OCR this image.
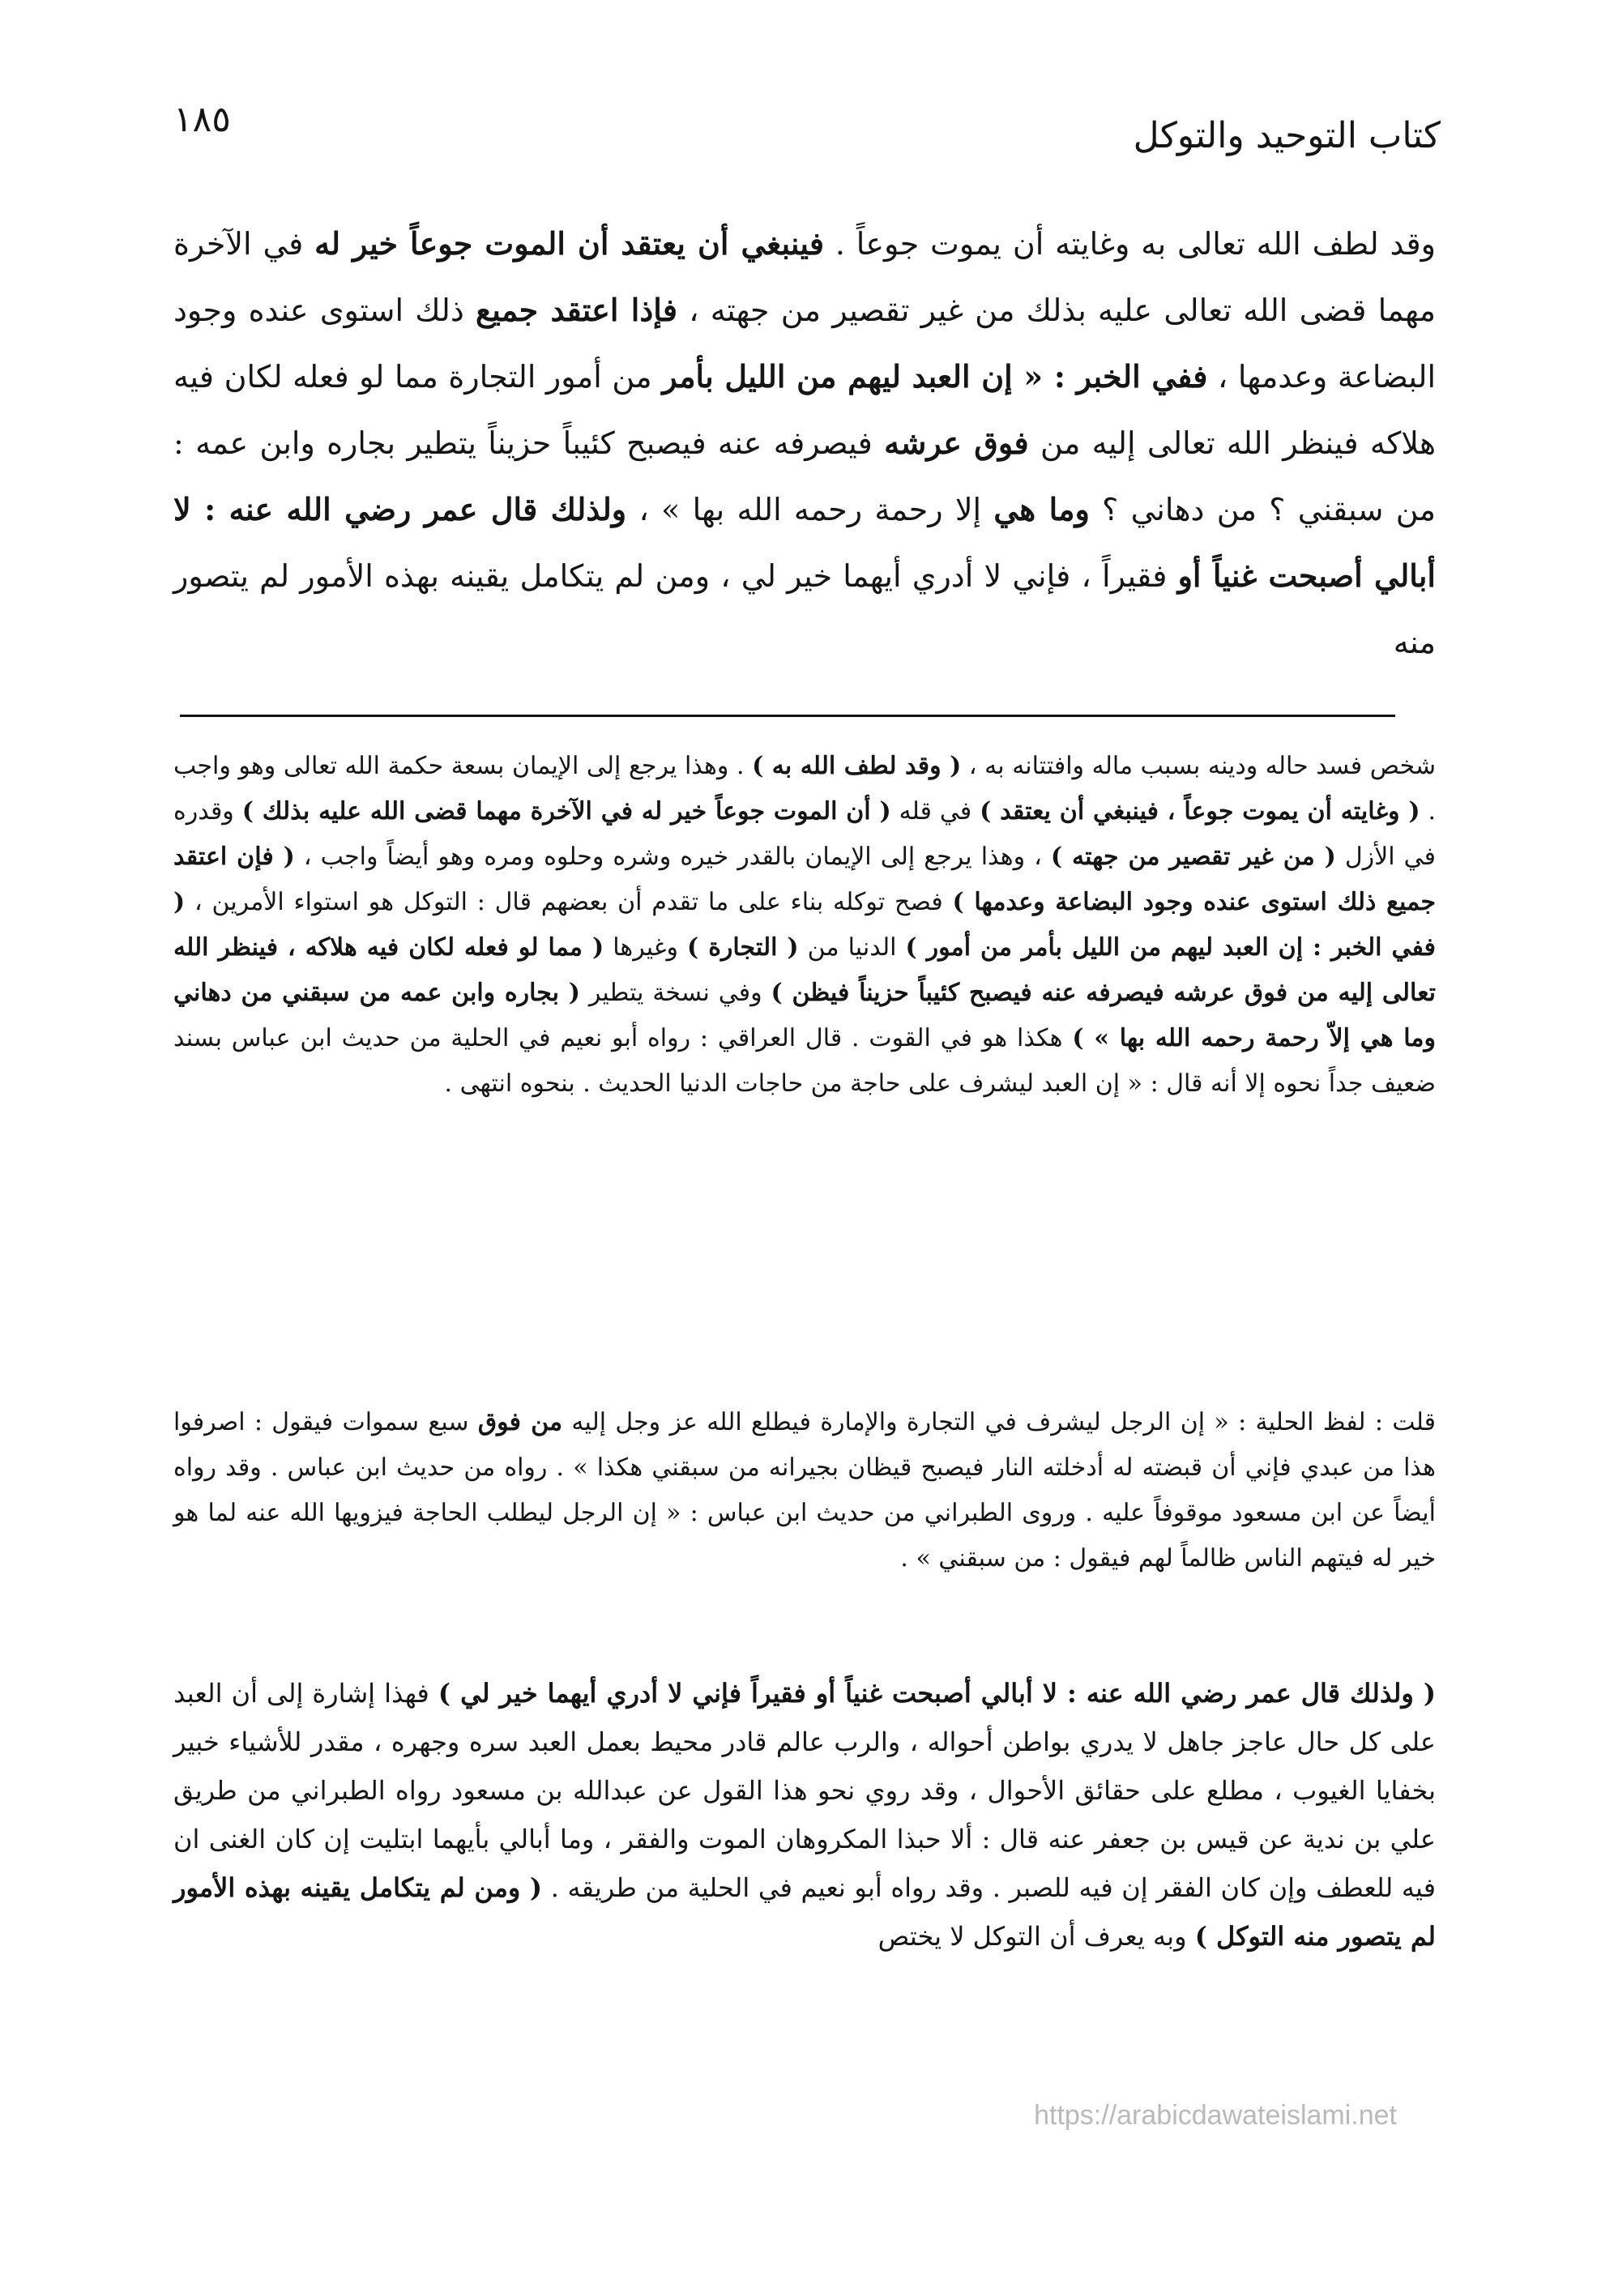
١٨٥	كتاب التوحيد والتوكل

وقد لطف الله تعالى به وغايته أن يموت جوعاً . فينبغي أن يعتقد أن الموت جوعاً خير له في الآخرة مهما قضى الله تعالى عليه بذلك من غير تقصير من جهته ، فإذا اعتقد جميع ذلك استوى عنده وجود البضاعة وعدمها ، ففي الخبر : « إن العبد ليهم من الليل بأمر من أمور التجارة مما لو فعله لكان فيه هلاكه فينظر الله تعالى إليه من فوق عرشه فيصرفه عنه فيصبح كئيباً حزيناً يتطير بجاره وابن عمه : من سبقني ؟ من دهاني ؟ وما هي إلا رحمة رحمه الله بها » ، ولذلك قال عمر رضي الله عنه : لا أبالي أصبحت غنياً أو فقيراً ، فإني لا أدري أيهما خير لي ، ومن لم يتكامل يقينه بهذه الأمور لم يتصور منه

شخص فسد حاله ودينه بسبب ماله وافتتانه به ، ( وقد لطف الله به ) . وهذا يرجع إلى الإيمان بسعة حكمة الله تعالى وهو واجب . ( وغايته أن يموت جوعاً ، فينبغي أن يعتقد ) في قله ( أن الموت جوعاً خير له في الآخرة مهما قضى الله عليه بذلك ) وقدره في الأزل ( من غير تقصير من جهته ) ، وهذا يرجع إلى الإيمان بالقدر خيره وشره وحلوه ومره وهو أيضاً واجب ، ( فإن اعتقد جميع ذلك استوى عنده وجود البضاعة وعدمها ) فصح توكله بناء على ما تقدم أن بعضهم قال : التوكل هو استواء الأمرين ، ( ففي الخبر : إن العبد ليهم من الليل بأمر من أمور ) الدنيا من ( التجارة ) وغيرها ( مما لو فعله لكان فيه هلاكه ، فينظر الله تعالى إليه من فوق عرشه فيصرفه عنه فيصبح كئيباً حزيناً فيظن ) وفي نسخة يتطير ( بجاره وابن عمه من سبقني من دهاني وما هي إلاّ رحمة رحمه الله بها » ) هكذا هو في القوت . قال العراقي : رواه أبو نعيم في الحلية من حديث ابن عباس بسند ضعيف جداً نحوه إلا أنه قال : « إن العبد ليشرف على حاجة من حاجات الدنيا الحديث . بنحوه انتهى .

قلت : لفظ الحلية : « إن الرجل ليشرف في التجارة والإمارة فيطلع الله عز وجل إليه من فوق سبع سموات فيقول : اصرفوا هذا من عبدي فإني أن قبضته له أدخلته النار فيصبح قيظان بجيرانه من سبقني هكذا » . رواه من حديث ابن عباس . وقد رواه أيضاً عن ابن مسعود موقوفاً عليه . وروى الطبراني من حديث ابن عباس : « إن الرجل ليطلب الحاجة فيزويها الله عنه لما هو خير له فيتهم الناس ظالماً لهم فيقول : من سبقني » .

( ولذلك قال عمر رضي الله عنه : لا أبالي أصبحت غنياً أو فقيراً فإني لا أدري أيهما خير لي ) فهذا إشارة إلى أن العبد على كل حال عاجز جاهل لا يدري بواطن أحواله ، والرب عالم قادر محيط بعمل العبد سره وجهره ، مقدر للأشياء خبير بخفايا الغيوب ، مطلع على حقائق الأحوال ، وقد روي نحو هذا القول عن عبدالله بن مسعود رواه الطبراني من طريق علي بن ندية عن قيس بن جعفر عنه قال : ألا حبذا المكروهان الموت والفقر ، وما أبالي بأيهما ابتليت إن كان الغنى ان فيه للعطف وإن كان الفقر إن فيه للصبر . وقد رواه أبو نعيم في الحلية من طريقه . ( ومن لم يتكامل يقينه بهذه الأمور لم يتصور منه التوكل ) وبه يعرف أن التوكل لا يختص

https://arabicdawateislami.net
